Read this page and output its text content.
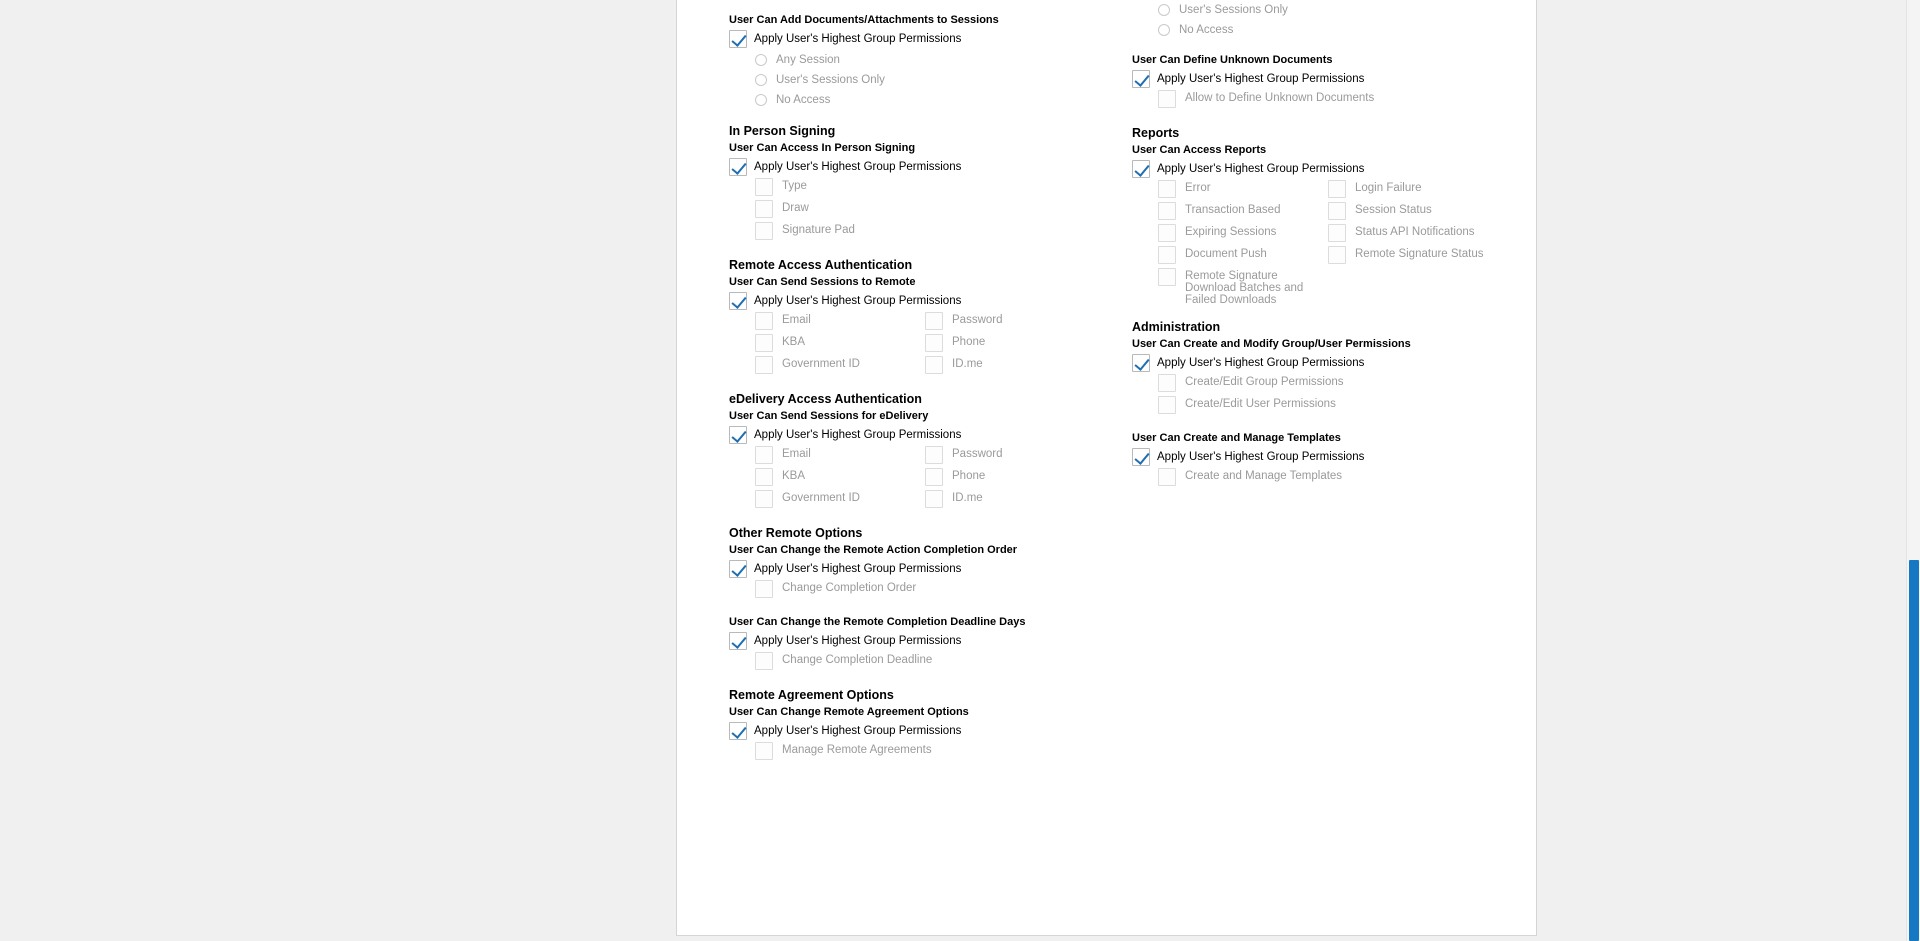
User Can Add Documents/Attachments to Sessions
Apply User's Highest Group Permissions
Any Session
User's Sessions Only
No Access
In Person Signing
User Can Access In Person Signing
Apply User's Highest Group Permissions
Type
Draw
Signature Pad
Remote Access Authentication
User Can Send Sessions to Remote
Apply User's Highest Group Permissions
Email
KBA
Government ID
Password
Phone
ID.me
eDelivery Access Authentication
User Can Send Sessions for eDelivery
Apply User's Highest Group Permissions
Email
KBA
Government ID
Password
Phone
ID.me
Other Remote Options
User Can Change the Remote Action Completion Order
Apply User's Highest Group Permissions
Change Completion Order
User Can Change the Remote Completion Deadline Days
Apply User's Highest Group Permissions
Change Completion Deadline
Remote Agreement Options
User Can Change Remote Agreement Options
Apply User's Highest Group Permissions
Manage Remote Agreements
User's Sessions Only
No Access
User Can Define Unknown Documents
Apply User's Highest Group Permissions
Allow to Define Unknown Documents
Reports
User Can Access Reports
Apply User's Highest Group Permissions
Error
Transaction Based
Expiring Sessions
Document Push
Remote Signature Download Batches and Failed Downloads
Login Failure
Session Status
Status API Notifications
Remote Signature Status
Administration
User Can Create and Modify Group/User Permissions
Apply User's Highest Group Permissions
Create/Edit Group Permissions
Create/Edit User Permissions
User Can Create and Manage Templates
Apply User's Highest Group Permissions
Create and Manage Templates
